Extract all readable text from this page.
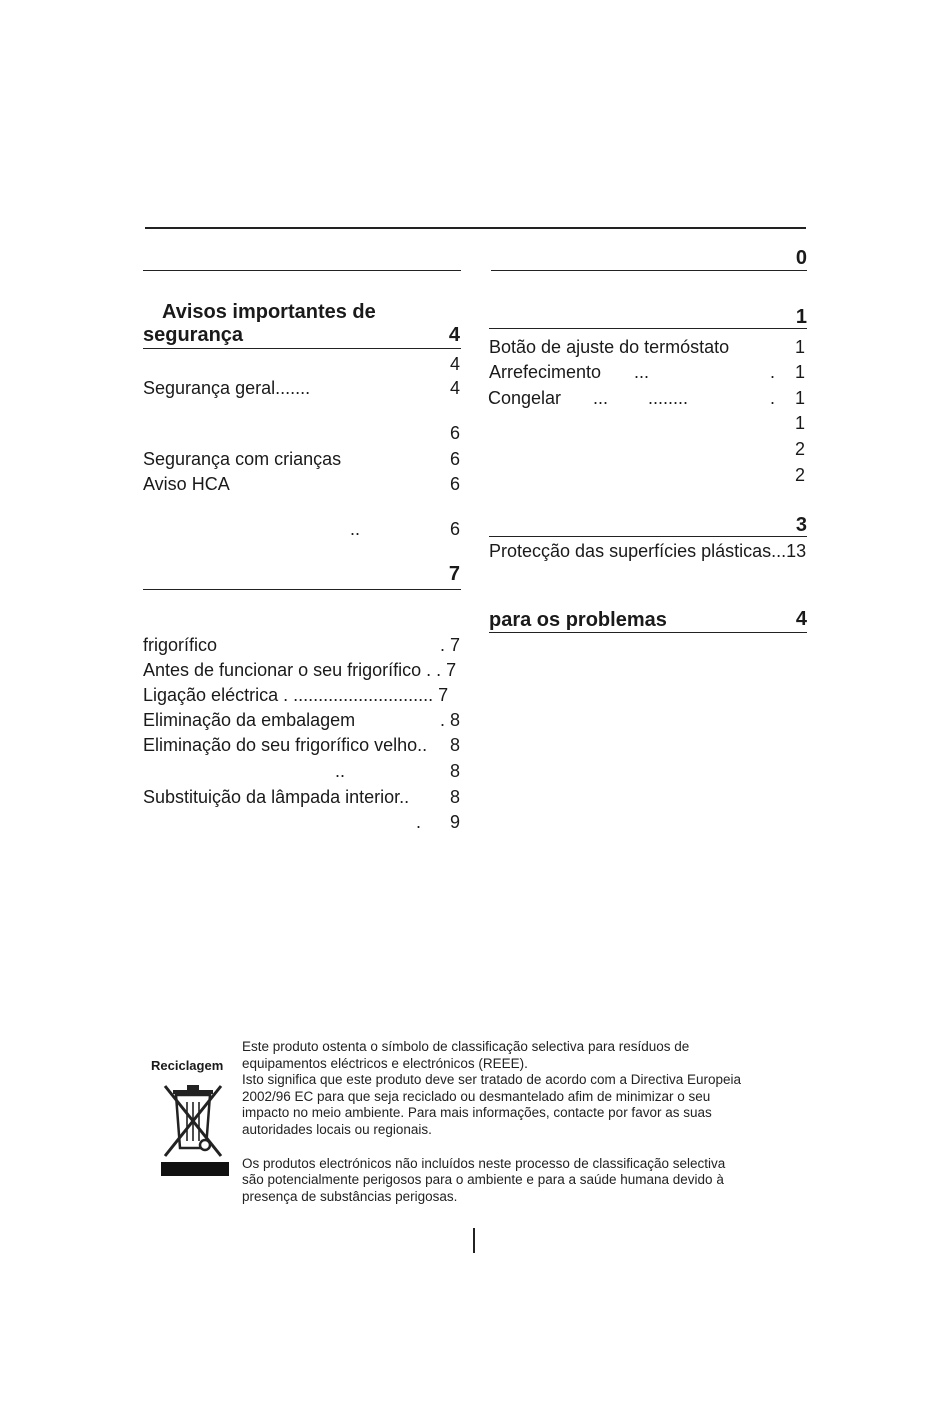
0
Avisos importantes de
segurança	4
4
Segurança geral.......	4
6
Segurança com crianças	6
Aviso HCA	6
..	6
7
frigorífico	. 7
Antes de funcionar o seu frigorífico . . 7
Ligação eléctrica . ............................ 7
Eliminação da embalagem	. 8
Eliminação do seu frigorífico velho.. 8
..	8
Substituição da lâmpada interior.. 8
. 9
1
Botão de ajuste do termóstato	1
Arrefecimento ...	.    1
Congelar ...        ........	.    1
1
2
2
3
Protecção das superfícies plásticas...13
para os problemas	4
Reciclagem

Este produto ostenta o símbolo de classificação selectiva para resíduos de

equipamentos eléctricos e electrónicos (REEE).

Isto significa que este produto deve ser tratado de acordo com a Directiva Europeia

2002/96 EC para que seja reciclado ou desmantelado afim de minimizar o seu

impacto no meio ambiente. Para mais informações, contacte por favor as suas

autoridades locais ou regionais.

Os produtos electrónicos não incluídos neste processo de classificação selectiva

são potencialmente perigosos para o ambiente e para a saúde humana devido à

presença de substâncias perigosas.
